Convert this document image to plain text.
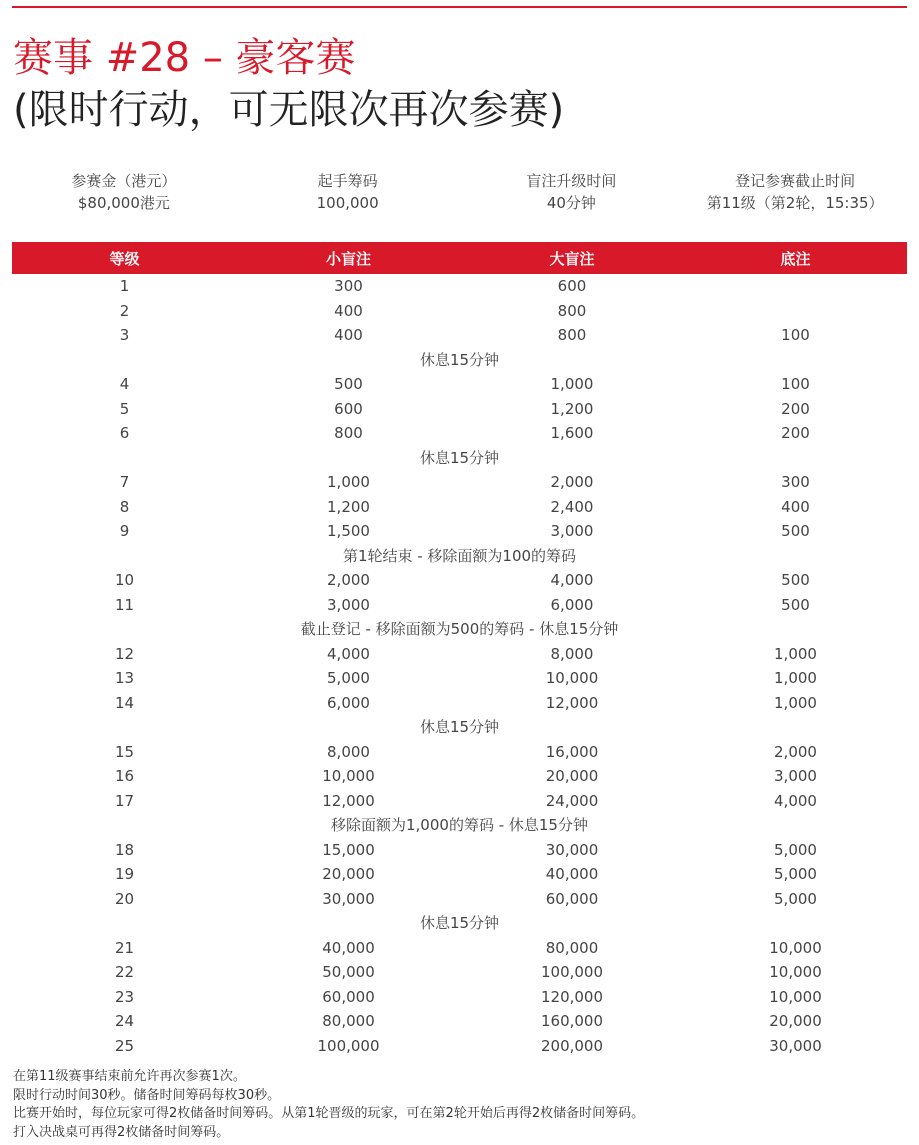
赛事 #28 – 豪客赛
(限时行动，可无限次再次参赛)
参赛金（港元）
$80,000港元
起手筹码
100,000
盲注升级时间
40分钟
登记参赛截止时间
第11级（第2轮，15:35）
等级	小盲注	大盲注	底注
1	300	600
2	400	800
3	400	800	100
休息15分钟
4	500	1,000	100
5	600	1,200	200
6	800	1,600	200
休息15分钟
7	1,000	2,000	300
8	1,200	2,400	400
9	1,500	3,000	500
第1轮结束 - 移除面额为100的筹码
10	2,000	4,000	500
11	3,000	6,000	500
截止登记 - 移除面额为500的筹码 - 休息15分钟
12	4,000	8,000	1,000
13	5,000	10,000	1,000
14	6,000	12,000	1,000
休息15分钟
15	8,000	16,000	2,000
16	10,000	20,000	3,000
17	12,000	24,000	4,000
移除面额为1,000的筹码 - 休息15分钟
18	15,000	30,000	5,000
19	20,000	40,000	5,000
20	30,000	60,000	5,000
休息15分钟
21	40,000	80,000	10,000
22	50,000	100,000	10,000
23	60,000	120,000	10,000
24	80,000	160,000	20,000
25	100,000	200,000	30,000
在第11级赛事结束前允许再次参赛1次。
限时行动时间30秒。储备时间筹码每枚30秒。
比赛开始时，每位玩家可得2枚储备时间筹码。从第1轮晋级的玩家，可在第2轮开始后再得2枚储备时间筹码。
打入决战桌可再得2枚储备时间筹码。
